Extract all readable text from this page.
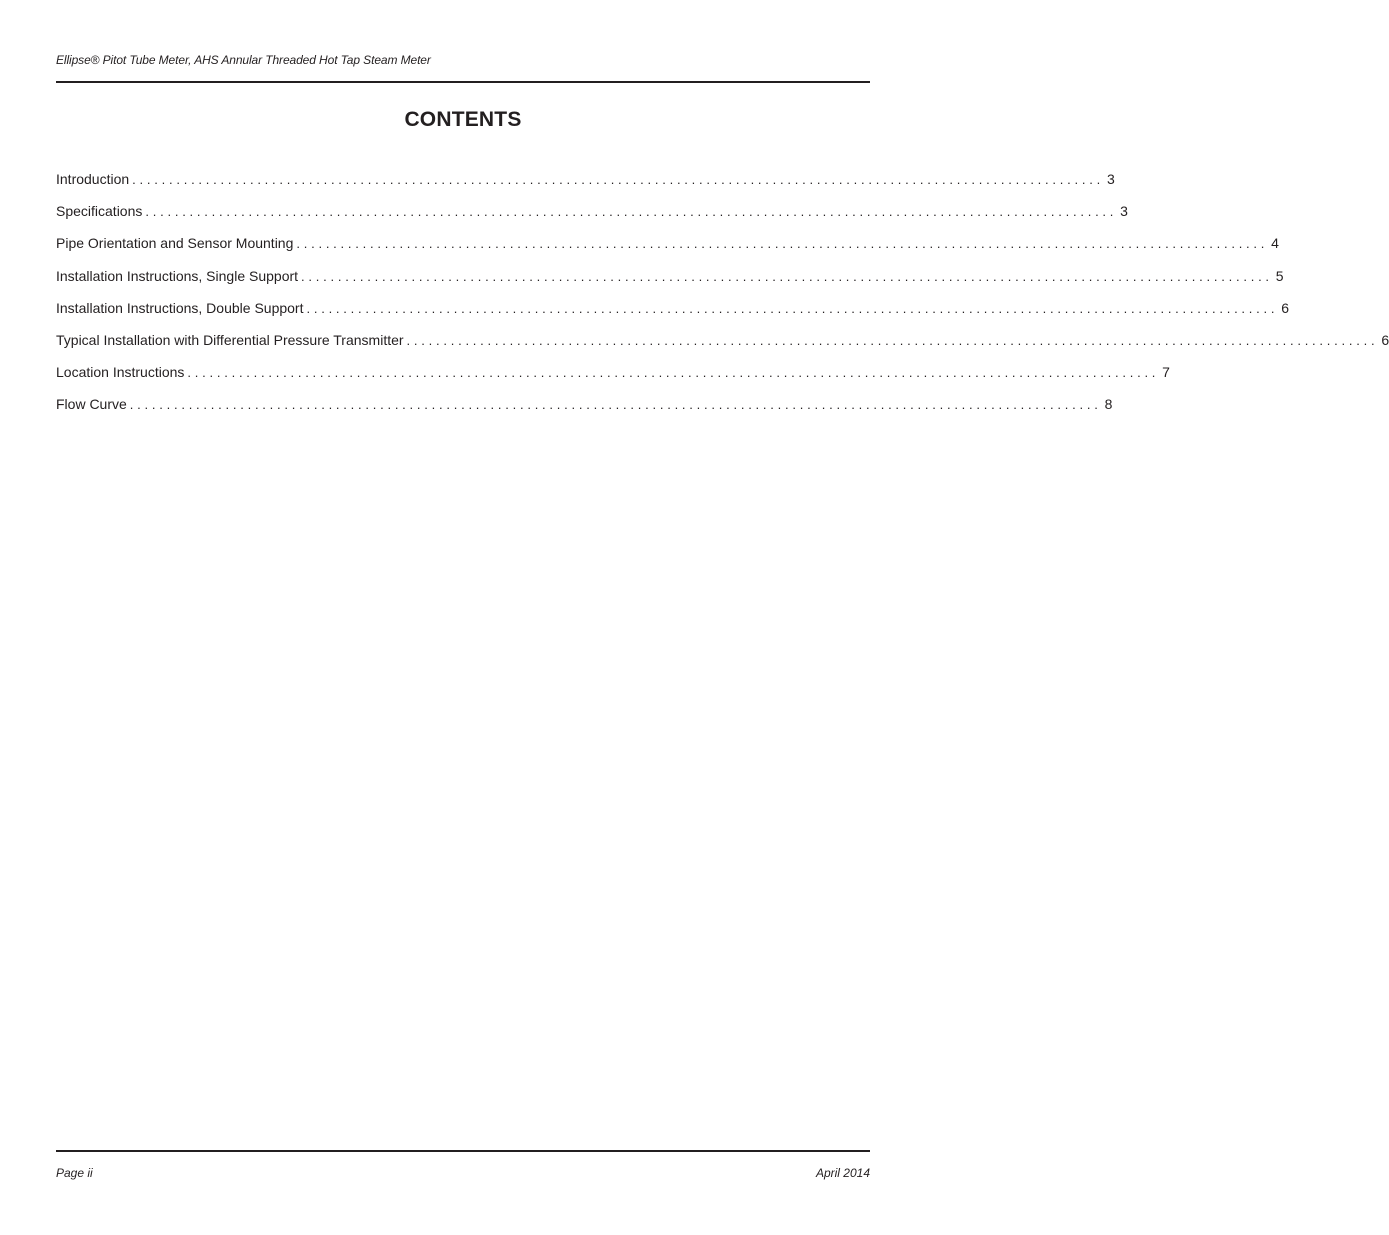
Ellipse® Pitot Tube Meter, AHS Annular Threaded Hot Tap Steam Meter
CONTENTS
Introduction .................................................................................................................................... 3
Specifications .................................................................................................................................... 3
Pipe Orientation and Sensor Mounting .................................................................................................................................... 4
Installation Instructions, Single Support .................................................................................................................................... 5
Installation Instructions, Double Support .................................................................................................................................... 6
Typical Installation with Differential Pressure Transmitter .................................................................................................................................... 6
Location Instructions .................................................................................................................................... 7
Flow Curve .................................................................................................................................... 8
Page ii	April 2014
